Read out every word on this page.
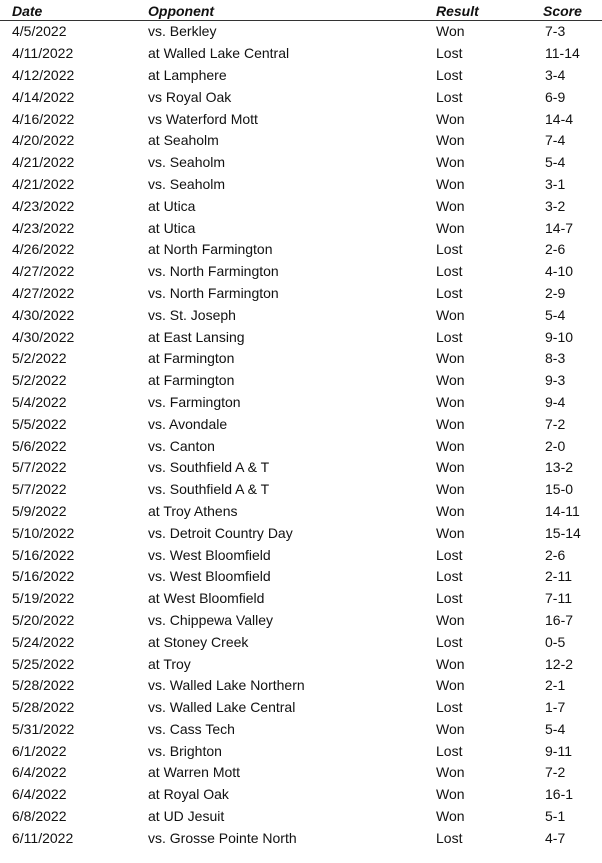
Date	Opponent	Result	Score
4/5/2022	vs. Berkley	Won	7-3
4/11/2022	at Walled Lake Central	Lost	11-14
4/12/2022	at Lamphere	Lost	3-4
4/14/2022	vs Royal Oak	Lost	6-9
4/16/2022	vs Waterford Mott	Won	14-4
4/20/2022	at Seaholm	Won	7-4
4/21/2022	vs. Seaholm	Won	5-4
4/21/2022	vs. Seaholm	Won	3-1
4/23/2022	at Utica	Won	3-2
4/23/2022	at Utica	Won	14-7
4/26/2022	at North Farmington	Lost	2-6
4/27/2022	vs. North Farmington	Lost	4-10
4/27/2022	vs. North Farmington	Lost	2-9
4/30/2022	vs. St. Joseph	Won	5-4
4/30/2022	at East Lansing	Lost	9-10
5/2/2022	at Farmington	Won	8-3
5/2/2022	at Farmington	Won	9-3
5/4/2022	vs. Farmington	Won	9-4
5/5/2022	vs. Avondale	Won	7-2
5/6/2022	vs. Canton	Won	2-0
5/7/2022	vs. Southfield A & T	Won	13-2
5/7/2022	vs. Southfield A & T	Won	15-0
5/9/2022	at Troy Athens	Won	14-11
5/10/2022	vs. Detroit Country Day	Won	15-14
5/16/2022	vs. West Bloomfield	Lost	2-6
5/16/2022	vs. West Bloomfield	Lost	2-11
5/19/2022	at West Bloomfield	Lost	7-11
5/20/2022	vs. Chippewa Valley	Won	16-7
5/24/2022	at Stoney Creek	Lost	0-5
5/25/2022	at Troy	Won	12-2
5/28/2022	vs. Walled Lake Northern	Won	2-1
5/28/2022	vs. Walled Lake Central	Lost	1-7
5/31/2022	vs. Cass Tech	Won	5-4
6/1/2022	vs. Brighton	Lost	9-11
6/4/2022	at Warren Mott	Won	7-2
6/4/2022	at Royal Oak	Won	16-1
6/8/2022	at UD Jesuit	Won	5-1
6/11/2022	vs. Grosse Pointe North	Lost	4-7
